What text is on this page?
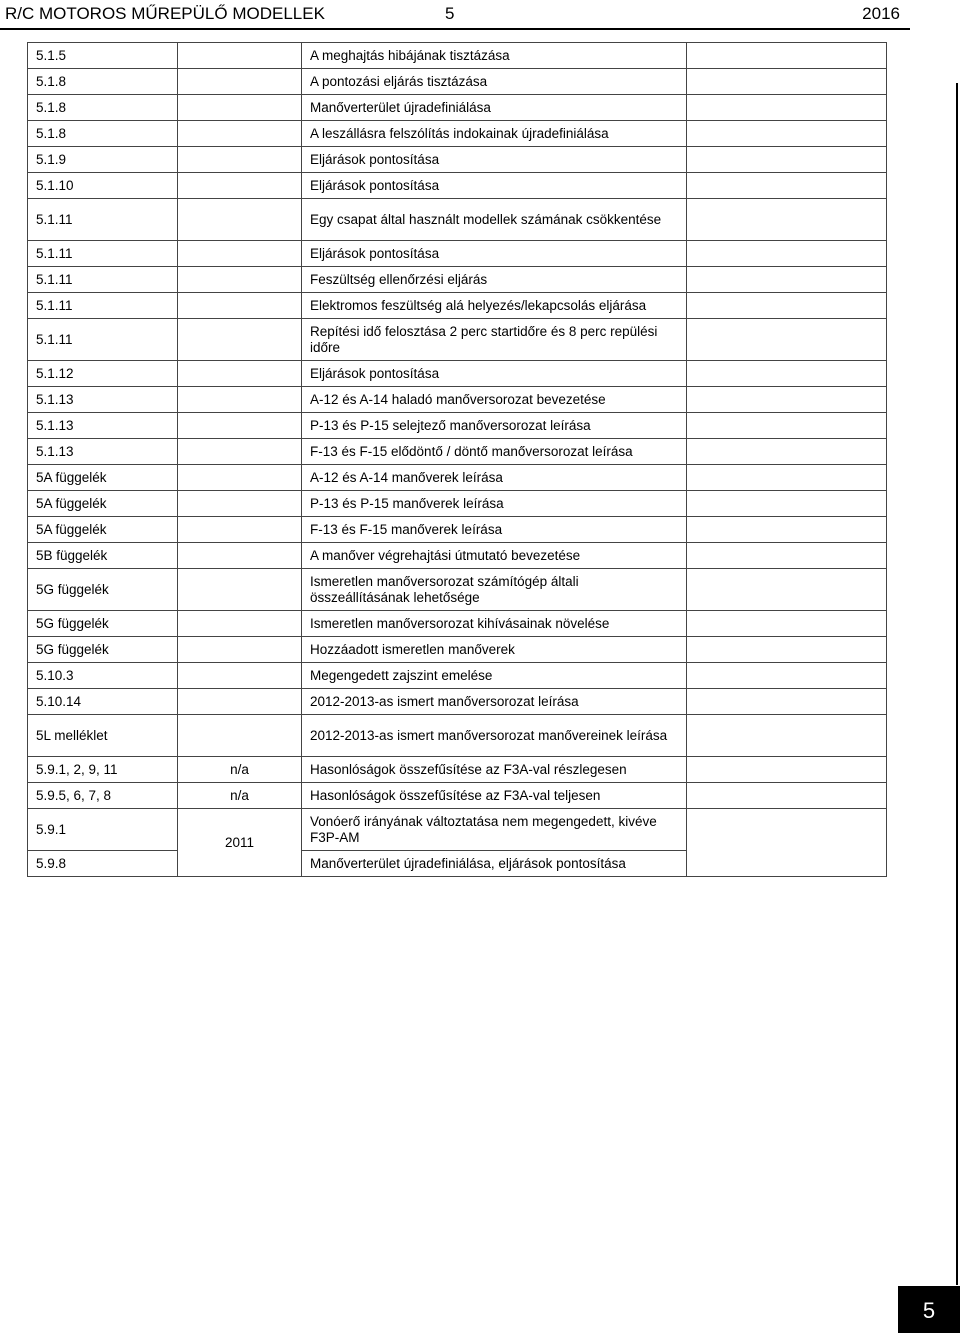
R/C MOTOROS MŰREPÜLŐ MODELLEK	5	2016
5.1.5		A meghajtás hibájának tisztázása	
5.1.8		A pontozási eljárás tisztázása	
5.1.8		Manőverterület újradefiniálása	
5.1.8		A leszállásra felszólítás indokainak újradefiniálása	
5.1.9		Eljárások pontosítása	
5.1.10		Eljárások pontosítása	
5.1.11		Egy csapat által használt modellek számának csökkentése	
5.1.11		Eljárások pontosítása	
5.1.11		Feszültség ellenőrzési eljárás	
5.1.11		Elektromos feszültség alá helyezés/lekapcsolás eljárása	
5.1.11		Repítési idő felosztása 2 perc startidőre és 8 perc repülési időre	
5.1.12		Eljárások pontosítása	
5.1.13		A-12 és A-14 haladó manőversorozat bevezetése	
5.1.13		P-13 és P-15 selejtező manőversorozat leírása	
5.1.13		F-13 és F-15 elődöntő / döntő manőversorozat leírása	
5A függelék		A-12 és A-14 manőverek leírása	
5A függelék		P-13 és P-15 manőverek leírása	
5A függelék		F-13 és F-15 manőverek leírása	
5B függelék		A manőver végrehajtási útmutató bevezetése	
5G függelék		Ismeretlen manőversorozat számítógép általi összeállításának lehetősége	
5G függelék		Ismeretlen manőversorozat kihívásainak növelése	
5G függelék		Hozzáadott ismeretlen manőverek	
5.10.3		Megengedett zajszint emelése	
5.10.14		2012-2013-as ismert manőversorozat leírása	
5L melléklet		2012-2013-as ismert manőversorozat manővereinek leírása	
5.9.1, 2, 9, 11	n/a	Hasonlóságok összefűsítése az F3A-val részlegesen	
5.9.5, 6, 7, 8	n/a	Hasonlóságok összefűsítése az F3A-val teljesen	
5.9.1	2011	Vonóerő irányának változtatása nem megengedett, kivéve F3P-AM	
5.9.8		Manőverterület újradefiniálása, eljárások pontosítása	
5
